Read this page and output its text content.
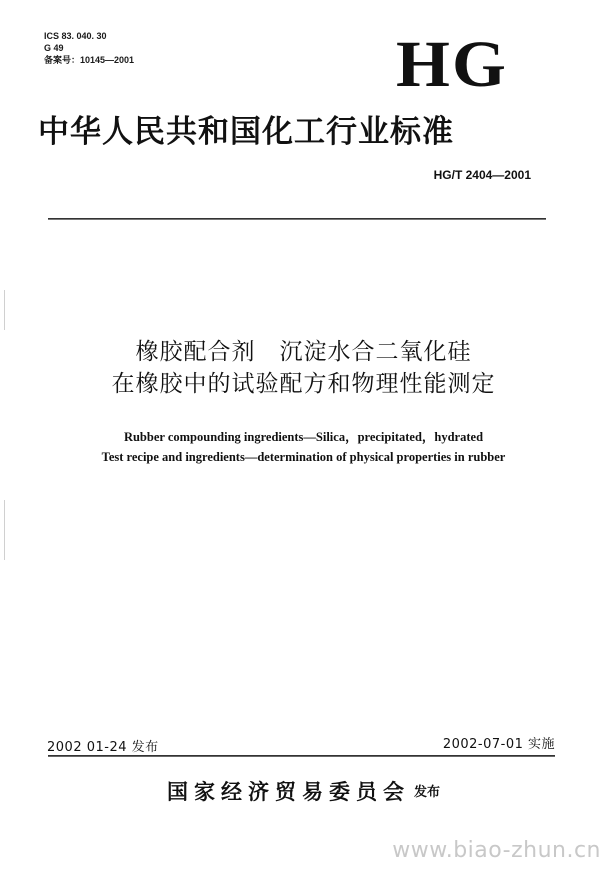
ICS 83. 040. 30
G 49
备案号：10145—2001	HG
中华人民共和国化工行业标准
HG/T 2404—2001
橡胶配合剂　沉淀水合二氧化硅
在橡胶中的试验配方和物理性能测定
Rubber compounding ingredients—Silica，precipitated，hydrated
Test recipe and ingredients—determination of physical properties in rubber
2002 01-24 发布	2002-07-01 实施
国家经济贸易委员会 发布
www.biao-zhun.cn
